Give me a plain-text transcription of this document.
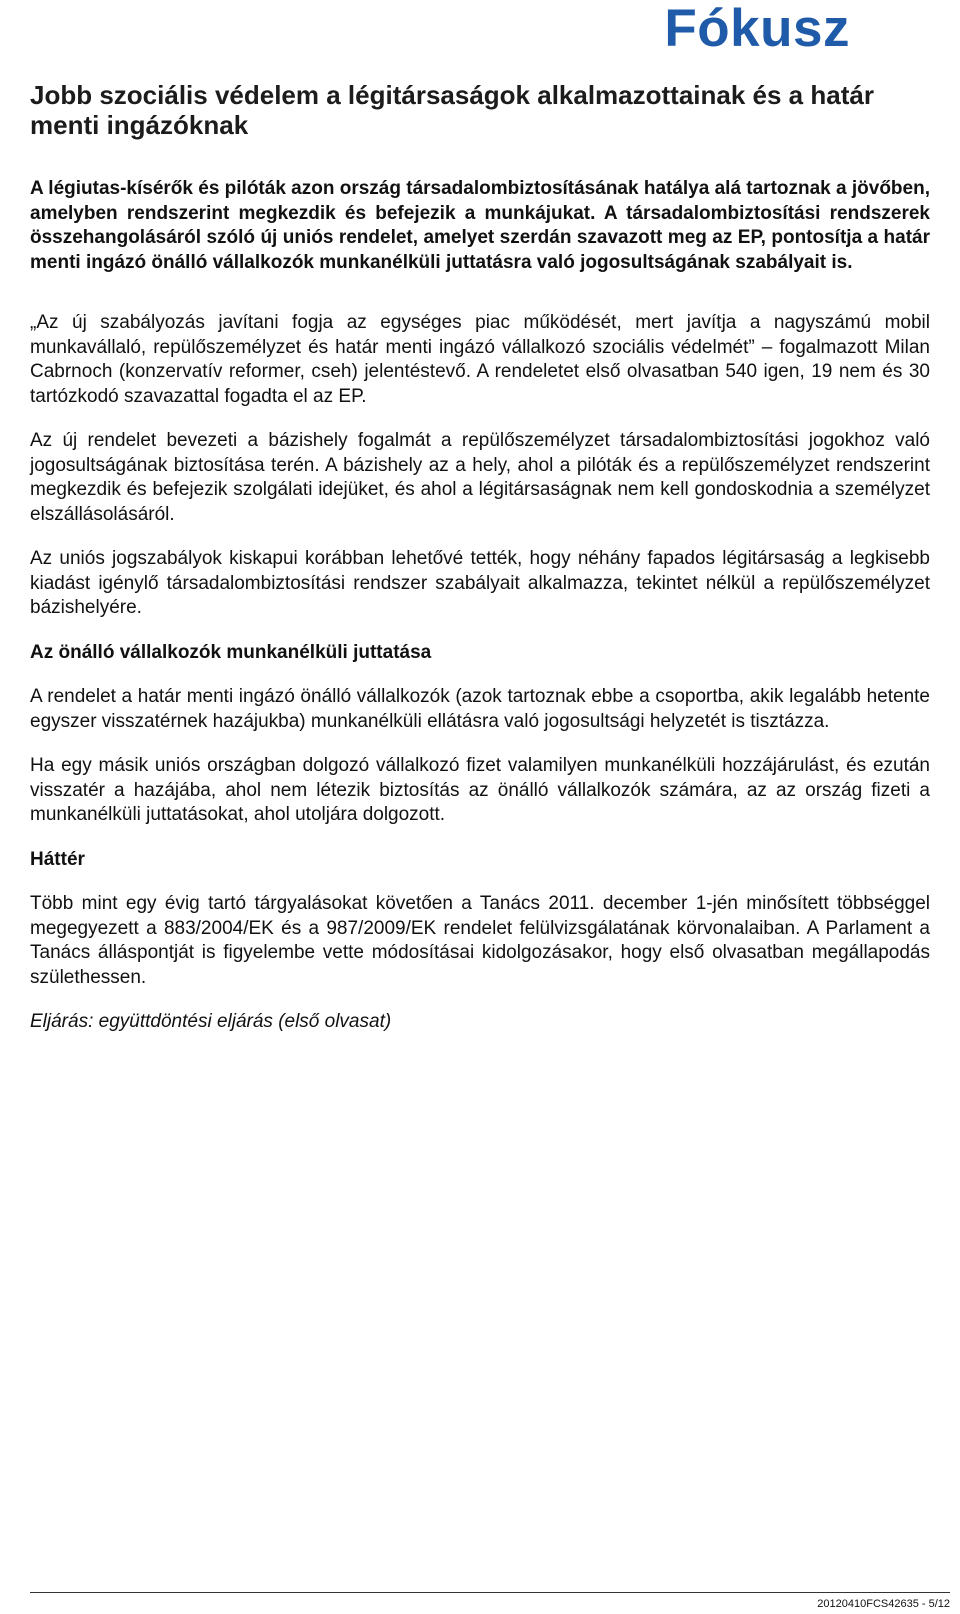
Fókusz
Jobb szociális védelem a légitársaságok alkalmazottainak és a határ menti ingázóknak

A légiutas-kísérők és pilóták azon ország társadalombiztosításának hatálya alá tartoznak a jövőben, amelyben rendszerint megkezdik és befejezik a munkájukat. A társadalombiztosítási rendszerek összehangolásáról szóló új uniós rendelet, amelyet szerdán szavazott meg az EP, pontosítja a határ menti ingázó önálló vállalkozók munkanélküli juttatásra való jogosultságának szabályait is.

„Az új szabályozás javítani fogja az egységes piac működését, mert javítja a nagyszámú mobil munkavállaló, repülőszemélyzet és határ menti ingázó vállalkozó szociális védelmét” – fogalmazott Milan Cabrnoch (konzervatív reformer, cseh) jelentéstevő. A rendeletet első olvasatban 540 igen, 19 nem és 30 tartózkodó szavazattal fogadta el az EP.

Az új rendelet bevezeti a bázishely fogalmát a repülőszemélyzet társadalombiztosítási jogokhoz való jogosultságának biztosítása terén. A bázishely az a hely, ahol a pilóták és a repülőszemélyzet rendszerint megkezdik és befejezik szolgálati idejüket, és ahol a légitársaságnak nem kell gondoskodnia a személyzet elszállásolásáról.

Az uniós jogszabályok kiskapui korábban lehetővé tették, hogy néhány fapados légitársaság a legkisebb kiadást igénylő társadalombiztosítási rendszer szabályait alkalmazza, tekintet nélkül a repülőszemélyzet bázishelyére.

Az önálló vállalkozók munkanélküli juttatása

A rendelet a határ menti ingázó önálló vállalkozók (azok tartoznak ebbe a csoportba, akik legalább hetente egyszer visszatérnek hazájukba) munkanélküli ellátásra való jogosultsági helyzetét is tisztázza.

Ha egy másik uniós országban dolgozó vállalkozó fizet valamilyen munkanélküli hozzájárulást, és ezután visszatér a hazájába, ahol nem létezik biztosítás az önálló vállalkozók számára, az az ország fizeti a munkanélküli juttatásokat, ahol utoljára dolgozott.

Háttér

Több mint egy évig tartó tárgyalásokat követően a Tanács 2011. december 1-jén minősített többséggel megegyezett a 883/2004/EK és a 987/2009/EK rendelet felülvizsgálatának körvonalaiban. A Parlament a Tanács álláspontját is figyelembe vette módosításai kidolgozásakor, hogy első olvasatban megállapodás születhessen.

Eljárás: együttdöntési eljárás (első olvasat)

20120410FCS42635 - 5/12
